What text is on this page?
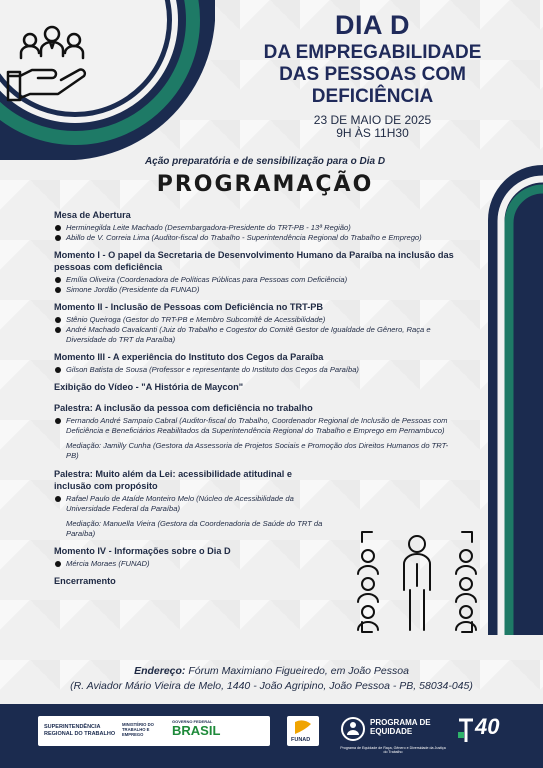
DIA D
DA EMPREGABILIDADE
DAS PESSOAS COM
DEFICIÊNCIA
23 DE MAIO DE 2025
9H ÀS 11H30
Ação preparatória e de sensibilização para o Dia D
PROGRAMAÇÃO
Mesa de Abertura
Herminegilda Leite Machado (Desembargadora-Presidente do TRT-PB - 13ª Região)
Abillo de V. Correia Lima (Auditor-fiscal do Trabalho - Superintendência Regional do Trabalho e Emprego)
Momento I - O papel da Secretaria de Desenvolvimento Humano da Paraíba na inclusão das pessoas com deficiência
Emília Oliveira (Coordenadora de Políticas Públicas para Pessoas com Deficiência)
Simone Jordão (Presidente da FUNAD)
Momento II - Inclusão de Pessoas com Deficiência no TRT-PB
Stênio Queiroga (Gestor do TRT-PB e Membro Subcomitê de Acessibilidade)
André Machado Cavalcanti (Juiz do Trabalho e Cogestor do Comitê Gestor de Igualdade de Gênero, Raça e Diversidade do TRT da Paraíba)
Momento III - A experiência do Instituto dos Cegos da Paraíba
Gilson Batista de Sousa (Professor e representante do Instituto dos Cegos da Paraíba)
Exibição do Vídeo - "A História de Maycon"
Palestra: A inclusão da pessoa com deficiência no trabalho
Fernando André Sampaio Cabral (Auditor-fiscal do Trabalho, Coordenador Regional de Inclusão de Pessoas com Deficiência e Beneficiários Reabilitados da Superintendência Regional do Trabalho e Emprego em Pernambuco)
Mediação: Jamilly Cunha (Gestora da Assessoria de Projetos Sociais e Promoção dos Direitos Humanos do TRT-PB)
Palestra: Muito além da Lei: acessibilidade atitudinal e inclusão com propósito
Rafael Paulo de Ataíde Monteiro Melo (Núcleo de Acessibilidade da Universidade Federal da Paraíba)
Mediação: Manuella Vieira (Gestora da Coordenadoria de Saúde do TRT da Paraíba)
Momento IV - Informações sobre o Dia D
Mércia Moraes (FUNAD)
Encerramento
Endereço: Fórum Maximiano Figueiredo, em João Pessoa
(R. Aviador Mário Vieira de Melo, 1440 - João Agripino, João Pessoa - PB, 58034-045)
SUPERINTENDÊNCIA REGIONAL DO TRABALHO
MINISTÉRIO DO TRABALHO E EMPREGO
GOVERNO FEDERAL
BRASIL
FUNAD
PROGRAMA DE EQUIDADE
Programa de Equidade de Raça, Gênero e Diversidade da Justiça do Trabalho
40
